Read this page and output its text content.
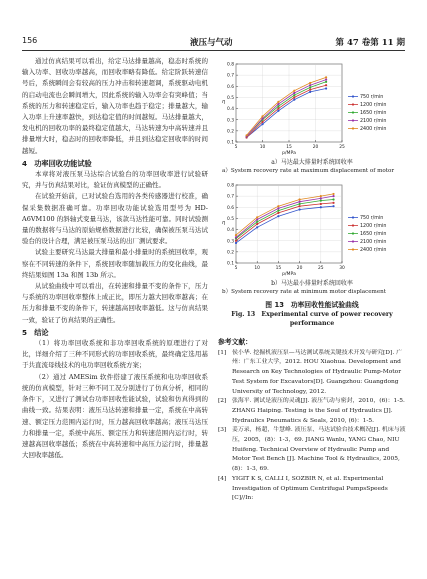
156	液压与气动	第 47 卷第 11 期

通过仿真结果可以看出，给定马达排量越高，稳态时系统的输入功率、回收功率越高，而回收率略有降低。给定阶跃转速信号后，系统瞬间会有较高的压力冲击和转速超调，系统驱动电机的启动电流也会瞬间增大，因此系统的输入功率会有突峰值；当系统的压力和转速稳定后，输入功率也趋于稳定；排量越大，输入功率上升速率越快，到达稳定值的时间越短。马达排量越大，发电机的回收功率的最终稳定值越大，马达转速为中高转速并且排量增大时，稳态时的回收率降低，并且到达稳定回收率的时间越短。

4　功率回收功能试验

本章将对液压泵马达综合试验台的功率回收率进行试验研究，并与仿真结果对比，验证仿真模型的正确性。

在试验开始前，已对试验台选用的各类传感器进行校准，确保采集数据准确可靠。功率回收功能试验选用型号为 HD-A6VM100 的斜轴式变量马达，该款马达性能可靠。同时试验测量的数据将与马达的原始规格数据进行比较，确保被压泵马达试验台的设计合理，满足被压泵马达的出厂测试要求。

试验主要研究马达最大排量和最小排量时的系统回收率，观察在不同转速的条件下，系统回收率随加载压力的变化曲线，最终结果如图 13a 和图 13b 所示。

从试验曲线中可以看出，在转速和排量不变的条件下，压力与系统的功率回收率整体上成正比，即压力越大回收率越高；在压力和排量不变的条件下，转速越高回收率越低。这与仿真结果一致，验证了仿真结果的正确性。

5　结论

（1）将功率回收系统和非功率回收系统的原理进行了对比，详细介绍了三种不同形式的功率回收系统，最终确定选用基于共直流母线技术的电功率回收系统方案；

（2）通过 AMESim 软件搭建了液压系统和电功率回收系统的仿真模型，针对三种不同工况分别进行了仿真分析，相同的条件下，又进行了测试台功率回收性能试验，试验和仿真得到的曲线一致。结果表明：液压马达转速和排量一定，系统在中高转速、额定压力范围内运行时，压力越高回收率越高；液压马达压力和排量一定，系统中高压、额定压力和转速范围内运行时，转速越高回收率越低；系统在中高转速和中高压力运行时，排量越大回收率越低。

0.1
0.2
0.3
0.4
0.5
0.6
0.7
0.8
5	10	15	20	25
η
p/MPa
750 r/min
1200 r/min
1650 r/min
2100 r/min
2400 r/min
a）马达最大排量时系统回收率
a）System recovery rate at maximum displacement of motor
0.1
0.2
0.3
0.4
0.5
0.6
0.7
0.8
5	10	15	20	25	30
η
p/MPa
750 r/min
1200 r/min
1650 r/min
2100 r/min
2400 r/min
b）马达最小排量时系统回收率
b）System recovery rate at minimum motor displacement
图 13　功率回收性能试验曲线
Fig. 13　Experimental curve of power recovery performance
参考文献：
[1] 侯小华. 挖掘机液压泵—马达测试系统关键技术开发与研究[D]. 广州：广东工业大学，2012. HOU Xiaohua. Development and Research on Key Technologies of Hydraulic Pump-Motor Test System for Excavators[D]. Guangzhou: Guangdong University of Technology, 2012.
[2] 张海平. 测试是液压的灵魂[J]. 液压气动与密封，2010，(6)：1-5. ZHANG Haiping. Testing is the Soul of Hydraulics [J]. Hydraulics Pneumatics & Seals, 2010, (6)：1-5.
[3] 姜万录，杨超，牛慧峰. 液压泵、马达试验台技术概况[J]. 机床与液压，2005，(8)：1-3，69. JIANG Wanlu, YANG Chao, NIU Huifeng. Technical Overview of Hydraulic Pump and Motor Test Bench [J]. Machine Tool & Hydraulics, 2005, (8)：1-3, 69.
[4] YIGIT K S, CALLI I, SOZBIR N, et al. Experimental Investigation of Optimum Centrifugal PumpsSpeeds [C]//In:
